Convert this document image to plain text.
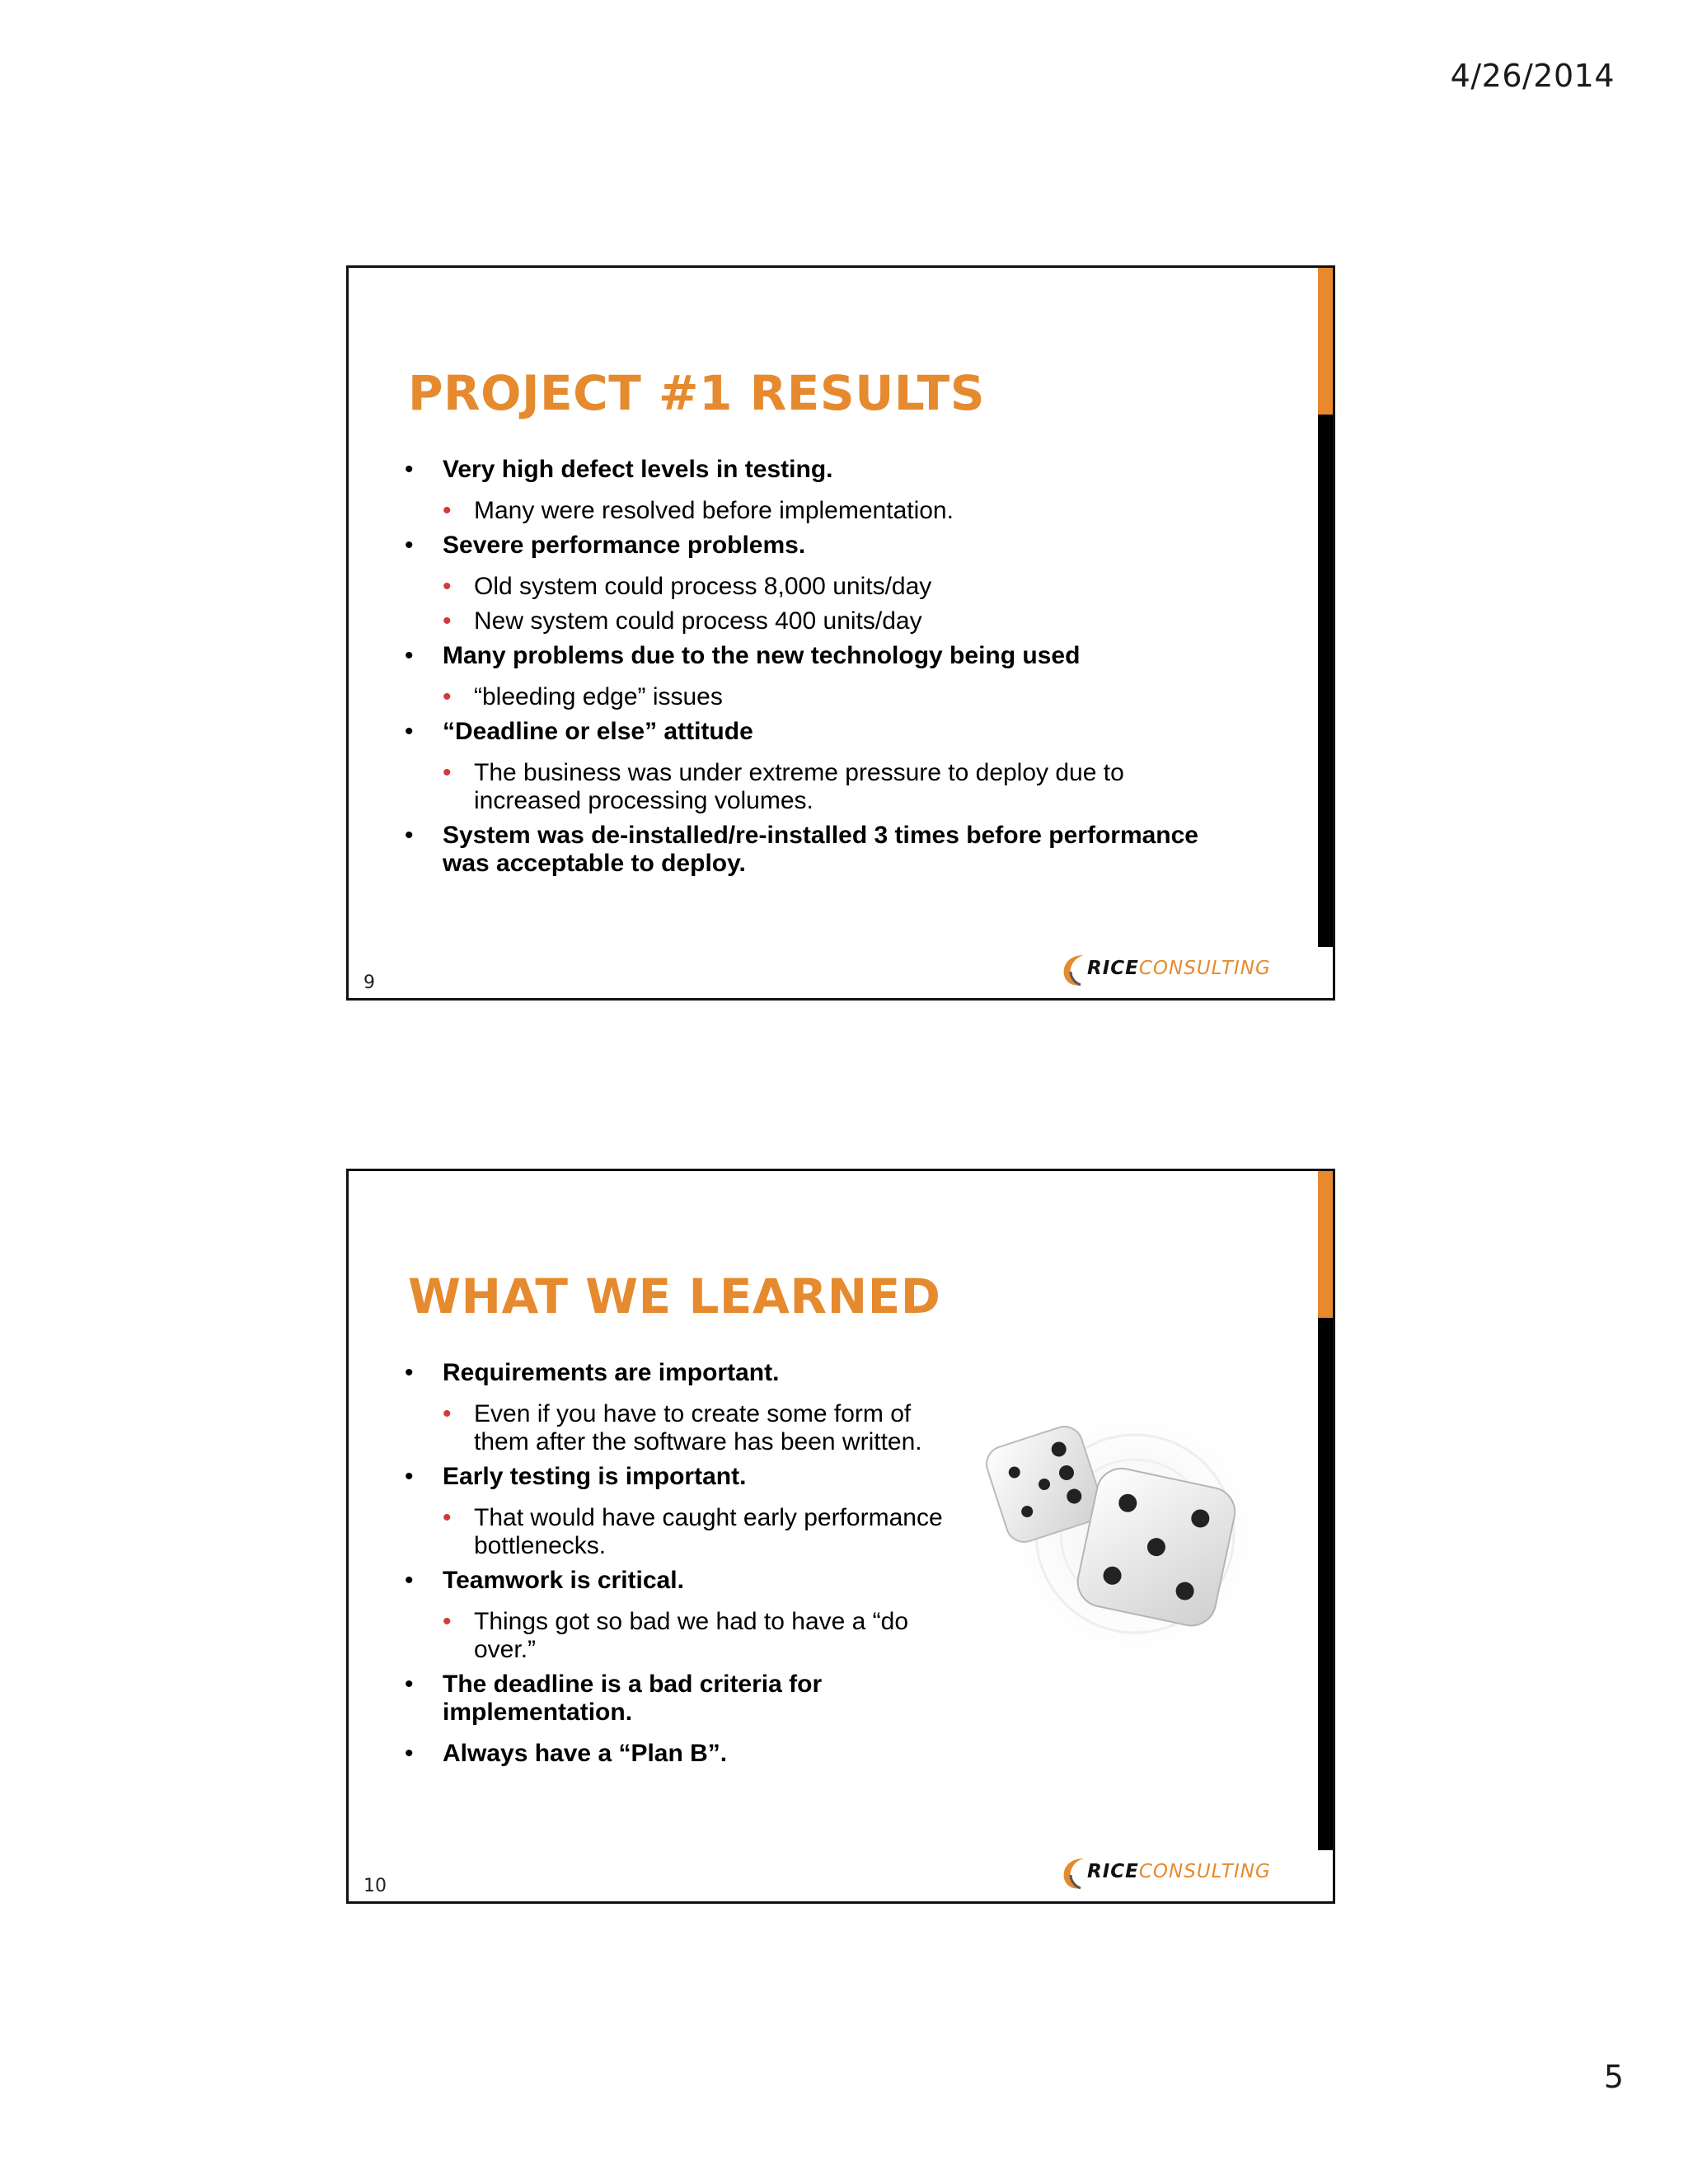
4/26/2014
PROJECT #1 RESULTS
• Very high defect levels in testing.
• Many were resolved before implementation.
• Severe performance problems.
• Old system could process 8,000 units/day
• New system could process 400 units/day
• Many problems due to the new technology being used
• “bleeding edge” issues
• “Deadline or else” attitude
• The business was under extreme pressure to deploy due to increased processing volumes.
• System was de-installed/re-installed 3 times before performance was acceptable to deploy.
9
RICECONSULTING
WHAT WE LEARNED
• Requirements are important.
• Even if you have to create some form of them after the software has been written.
• Early testing is important.
• That would have caught early performance bottlenecks.
• Teamwork is critical.
• Things got so bad we had to have a “do over.”
• The deadline is a bad criteria for implementation.
• Always have a “Plan B”.
10
RICECONSULTING
5
